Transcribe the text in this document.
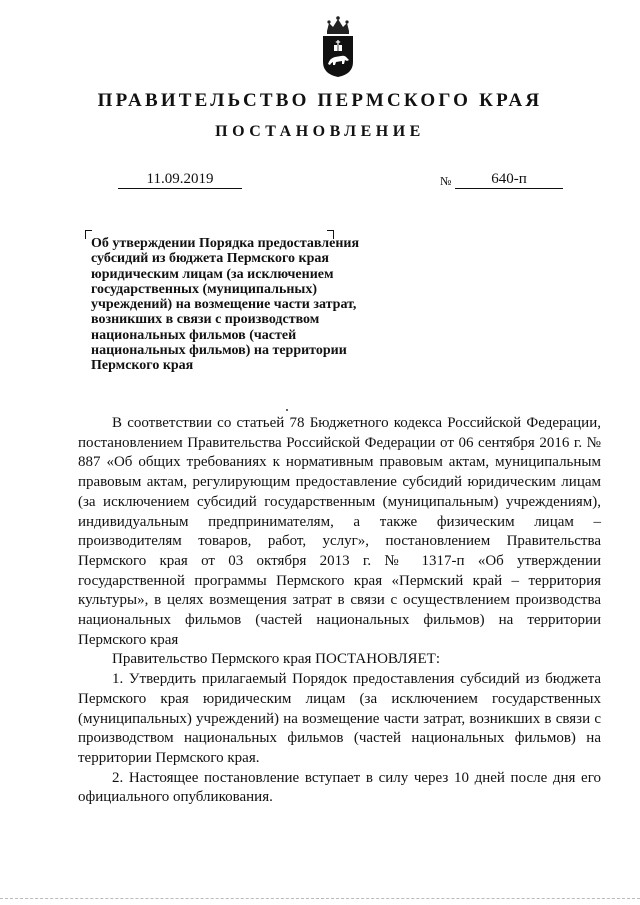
ПРАВИТЕЛЬСТВО ПЕРМСКОГО КРАЯ
ПОСТАНОВЛЕНИЕ
11.09.2019	№	640-п
Об утверждении Порядка предоставления субсидий из бюджета Пермского края юридическим лицам (за исключением государственных (муниципальных) учреждений) на возмещение части затрат, возникших в связи с производством национальных фильмов (частей национальных фильмов) на территории Пермского края

В соответствии со статьей 78 Бюджетного кодекса Российской Федерации, постановлением Правительства Российской Федерации от 06 сентября 2016 г. № 887 «Об общих требованиях к нормативным правовым актам, муниципальным правовым актам, регулирующим предоставление субсидий юридическим лицам (за исключением субсидий государственным (муниципальным) учреждениям), индивидуальным предпринимателям, а также физическим лицам – производителям товаров, работ, услуг», постановлением Правительства Пермского края от 03 октября 2013 г. № 1317-п «Об утверждении государственной программы Пермского края «Пермский край – территория культуры», в целях возмещения затрат в связи с осуществлением производства национальных фильмов (частей национальных фильмов) на территории Пермского края

Правительство Пермского края ПОСТАНОВЛЯЕТ:

1. Утвердить прилагаемый Порядок предоставления субсидий из бюджета Пермского края юридическим лицам (за исключением государственных (муниципальных) учреждений) на возмещение части затрат, возникших в связи с производством национальных фильмов (частей национальных фильмов) на территории Пермского края.

2. Настоящее постановление вступает в силу через 10 дней после дня его официального опубликования.
